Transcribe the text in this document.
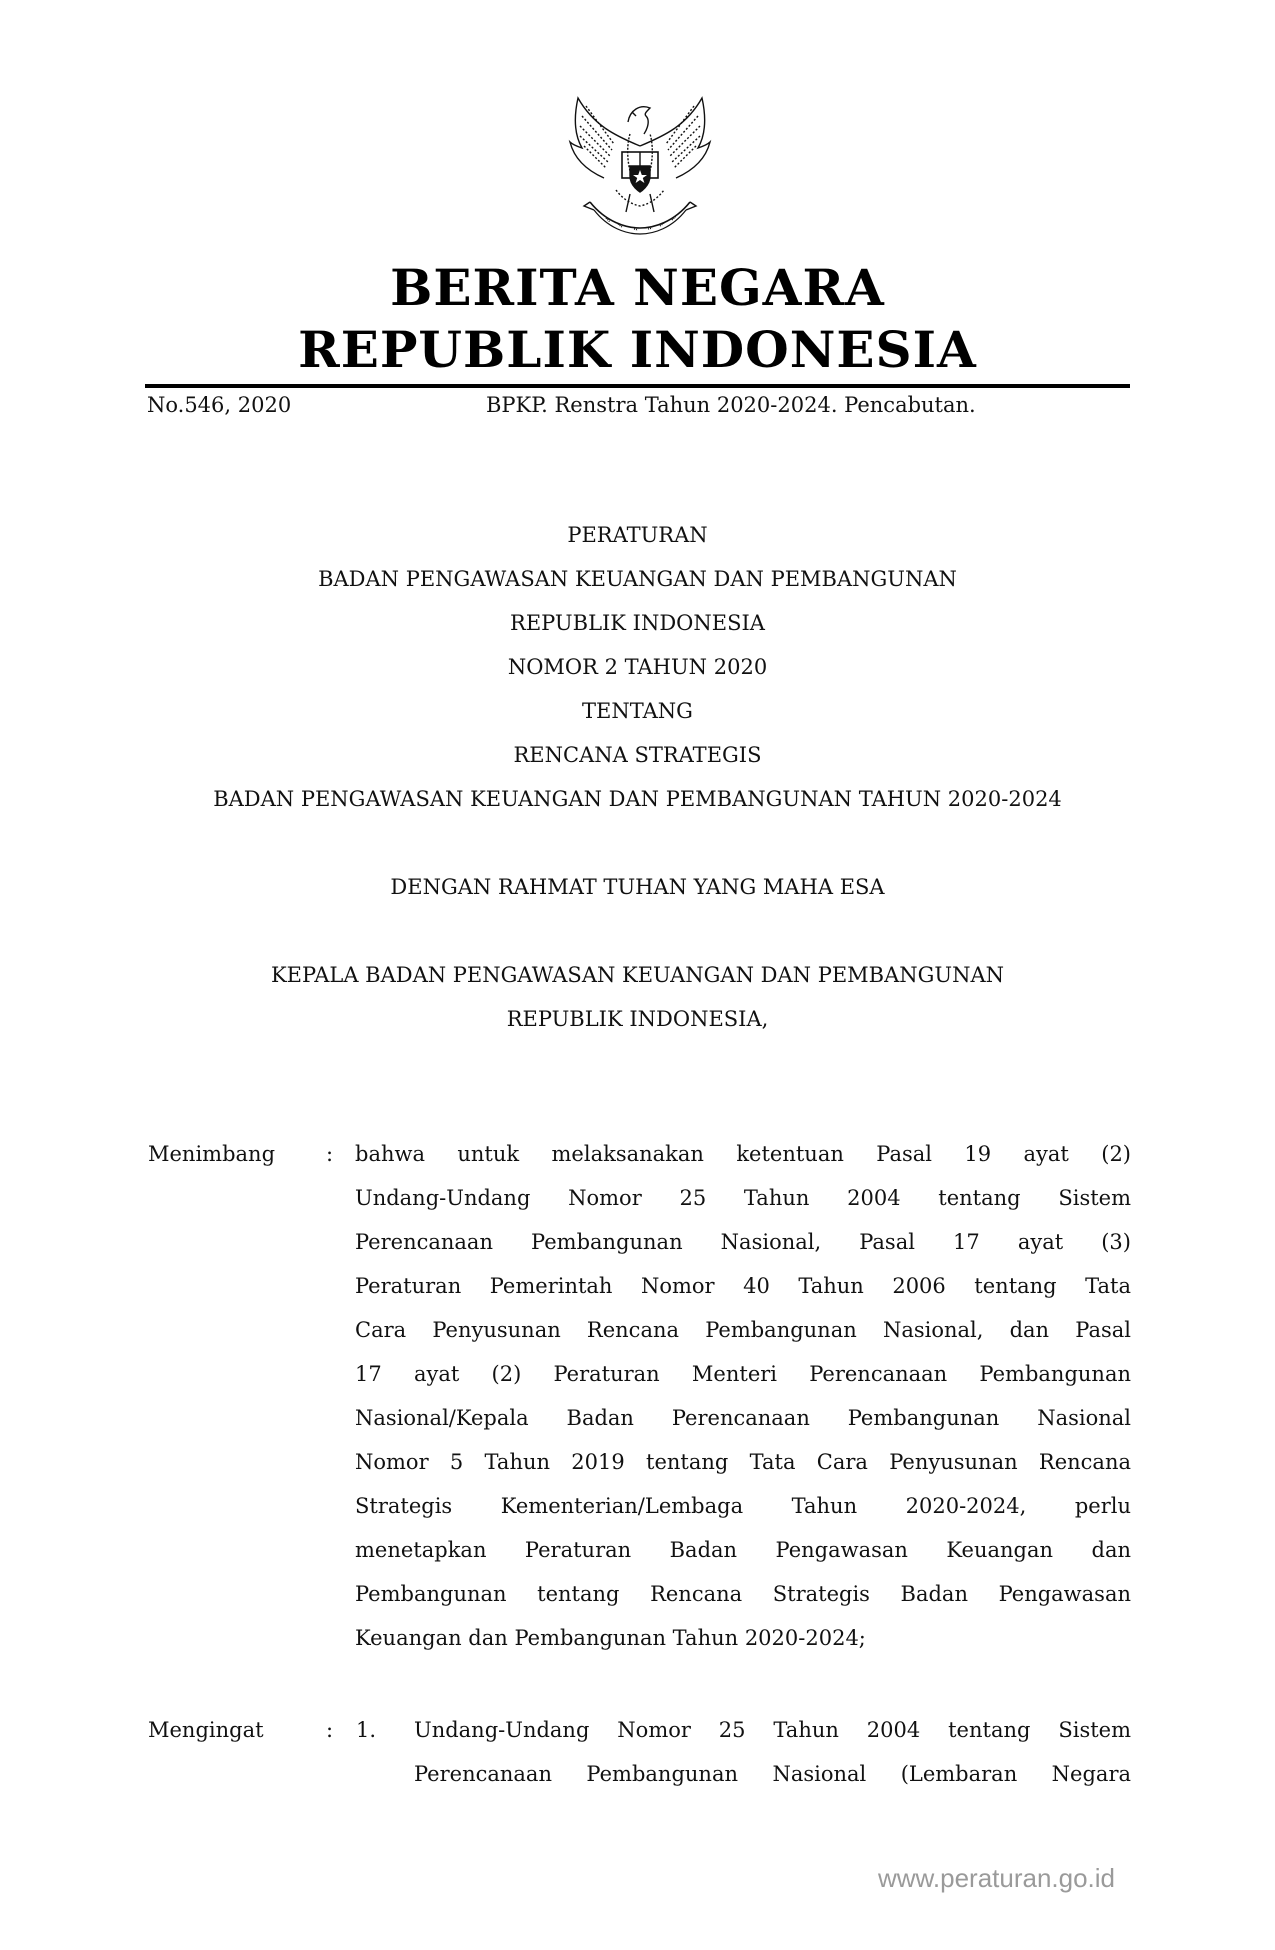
BERITA NEGARA
REPUBLIK INDONESIA
No.546, 2020	BPKP. Renstra Tahun 2020-2024. Pencabutan.
PERATURAN
BADAN PENGAWASAN KEUANGAN DAN PEMBANGUNAN
REPUBLIK INDONESIA
NOMOR 2 TAHUN 2020
TENTANG
RENCANA STRATEGIS
BADAN PENGAWASAN KEUANGAN DAN PEMBANGUNAN TAHUN 2020-2024
DENGAN RAHMAT TUHAN YANG MAHA ESA
KEPALA BADAN PENGAWASAN KEUANGAN DAN PEMBANGUNAN
REPUBLIK INDONESIA,
Menimbang : bahwa untuk melaksanakan ketentuan Pasal 19 ayat (2)
Undang-Undang Nomor 25 Tahun 2004 tentang Sistem
Perencanaan Pembangunan Nasional, Pasal 17 ayat (3)
Peraturan Pemerintah Nomor 40 Tahun 2006 tentang Tata
Cara Penyusunan Rencana Pembangunan Nasional, dan Pasal
17 ayat (2) Peraturan Menteri Perencanaan Pembangunan
Nasional/Kepala Badan Perencanaan Pembangunan Nasional
Nomor 5 Tahun 2019 tentang Tata Cara Penyusunan Rencana
Strategis Kementerian/Lembaga Tahun 2020-2024, perlu
menetapkan Peraturan Badan Pengawasan Keuangan dan
Pembangunan tentang Rencana Strategis Badan Pengawasan
Keuangan dan Pembangunan Tahun 2020-2024;
Mengingat	: 1. Undang-Undang Nomor 25 Tahun 2004 tentang Sistem
Perencanaan Pembangunan Nasional (Lembaran Negara
www.peraturan.go.id
